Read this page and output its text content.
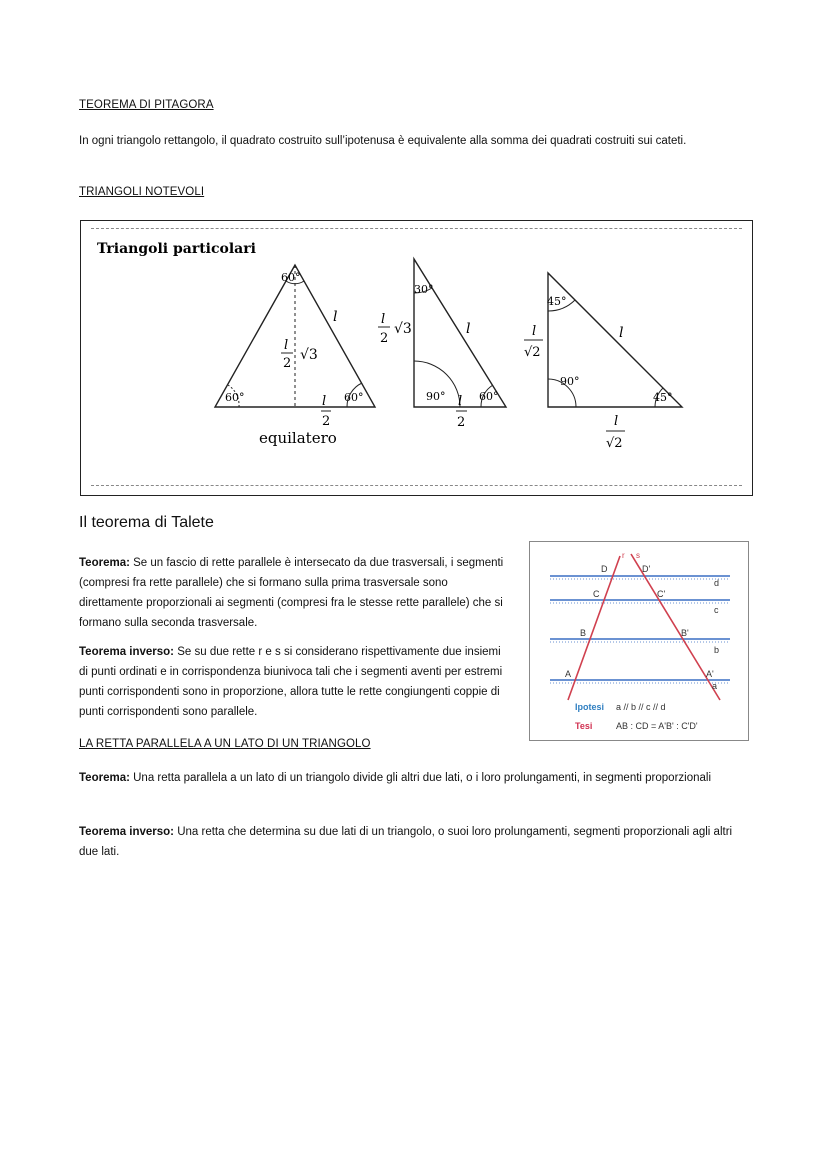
TEOREMA DI PITAGORA
In ogni triangolo rettangolo, il quadrato costruito sull’ipotenusa è equivalente alla somma dei quadrati costruiti sui cateti.
TRIANGOLI NOTEVOLI
Triangoli particolari
60°
60°	60°
l
l
2
√3
l
2
equilatero
30°
90°	60°
l
l
2
√3
l
2
45°
90°
45°
l
l
√2
l
√2
Il teorema di Talete
Teorema: Se un fascio di rette parallele è intersecato da due trasversali, i segmenti (compresi fra rette parallele) che si formano sulla prima trasversale sono direttamente proporzionali ai segmenti (compresi fra le stesse rette parallele) che si formano sulla seconda trasversale.
Teorema inverso: Se su due rette r e s si considerano rispettivamente due insiemi di punti ordinati e in corrispondenza biunivoca tali che i segmenti aventi per estremi punti corrispondenti sono in proporzione, allora tutte le rette congiungenti coppie di punti corrispondenti sono parallele.
r s
D	D'
C	C'
B	B'
A	A'
d
c
b
a
Ipotesi a // b // c // d
Tesi	AB : CD = A'B' : C'D'
LA RETTA PARALLELA A UN LATO DI UN TRIANGOLO
Teorema: Una retta parallela a un lato di un triangolo divide gli altri due lati, o i loro prolungamenti, in segmenti proporzionali
Teorema inverso: Una retta che determina su due lati di un triangolo, o suoi loro prolungamenti, segmenti proporzionali agli altri due lati.
